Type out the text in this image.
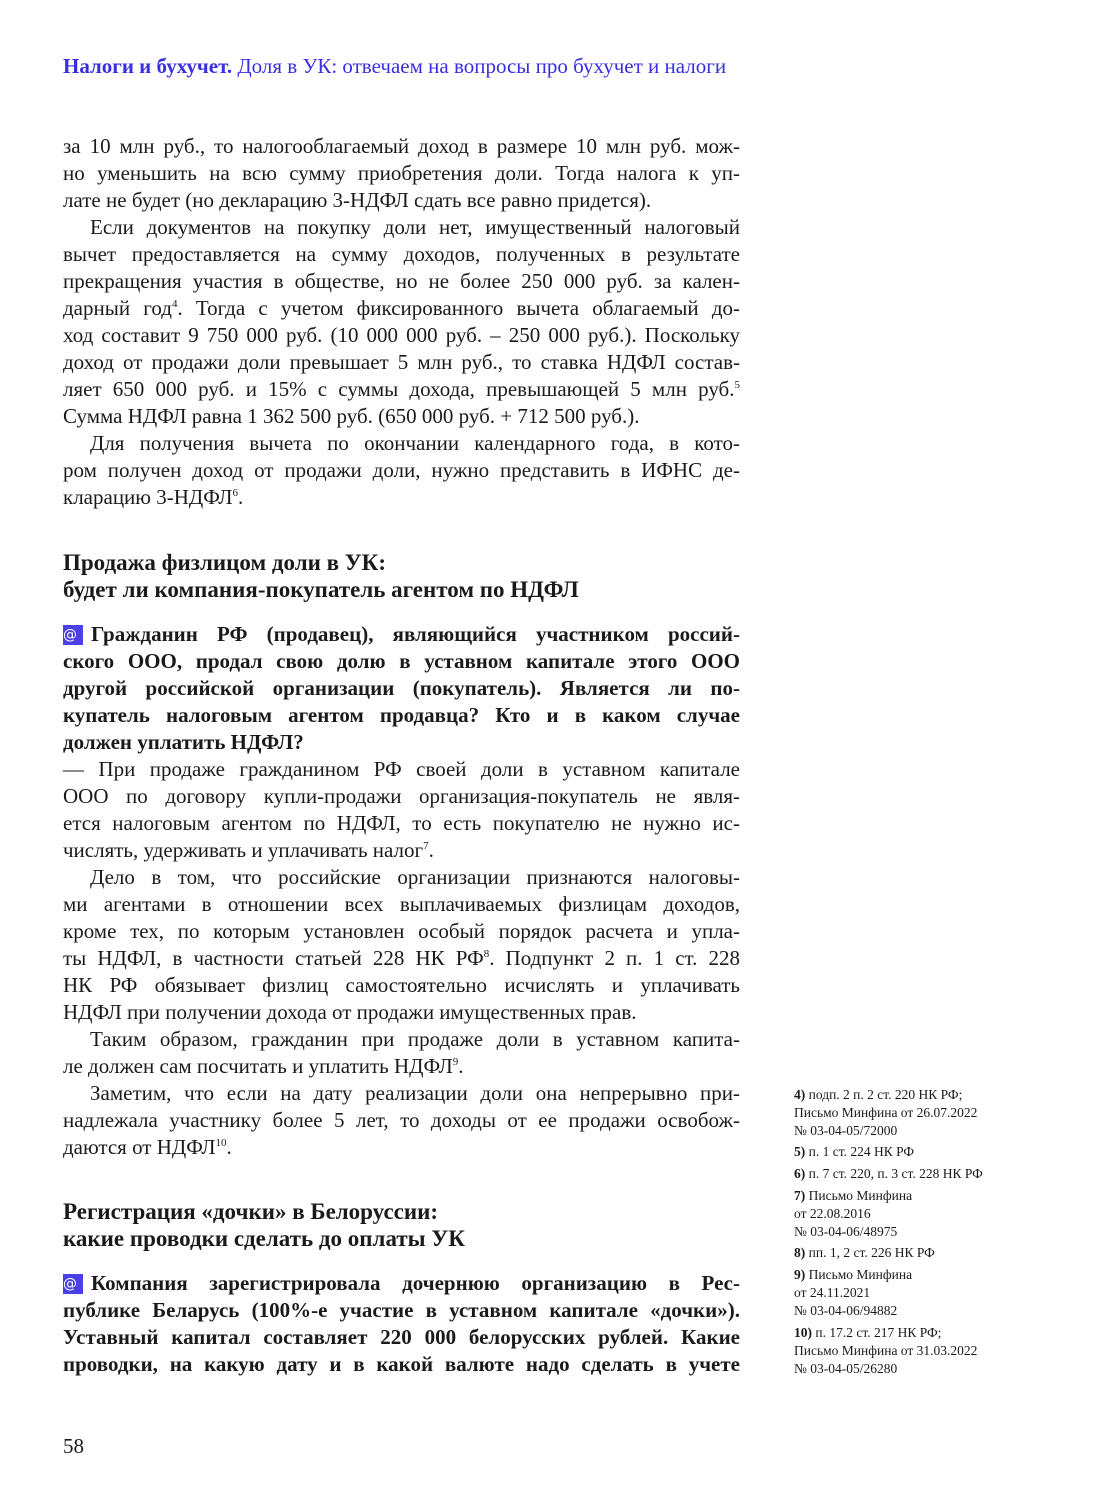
Налоги и бухучет. Доля в УК: отвечаем на вопросы про бухучет и налоги
за 10 млн руб., то налогооблагаемый доход в размере 10 млн руб. мож-
но уменьшить на всю сумму приобретения доли. Тогда налога к уп-
лате не будет (но декларацию 3-НДФЛ сдать все равно придется).
Если документов на покупку доли нет, имущественный налоговый
вычет предоставляется на сумму доходов, полученных в результате
прекращения участия в обществе, но не более 250 000 руб. за кален-
дарный год$^4$. Тогда с учетом фиксированного вычета облагаемый до-
ход составит 9 750 000 руб. (10 000 000 руб. – 250 000 руб.). Поскольку
доход от продажи доли превышает 5 млн руб., то ставка НДФЛ состав-
ляет 650 000 руб. и 15% с суммы дохода, превышающей 5 млн руб.$^5$
Сумма НДФЛ равна 1 362 500 руб. (650 000 руб. + 712 500 руб.).
Для получения вычета по окончании календарного года, в кото-
ром получен доход от продажи доли, нужно представить в ИФНС де-
кларацию 3-НДФЛ$^6$.
Продажа физлицом доли в УК:
будет ли компания-покупатель агентом по НДФЛ
@ Гражданин РФ (продавец), являющийся участником россий-
ского ООО, продал свою долю в уставном капитале этого ООО
другой российской организации (покупатель). Является ли по-
купатель налоговым агентом продавца? Кто и в каком случае
должен уплатить НДФЛ?
— При продаже гражданином РФ своей доли в уставном капитале
ООО по договору купли-продажи организация-покупатель не явля-
ется налоговым агентом по НДФЛ, то есть покупателю не нужно ис-
числять, удерживать и уплачивать налог$^7$.
Дело в том, что российские организации признаются налоговы-
ми агентами в отношении всех выплачиваемых физлицам доходов,
кроме тех, по которым установлен особый порядок расчета и упла-
ты НДФЛ, в частности статьей 228 НК $РФ^8$. Подпункт 2 п. 1 ст. 228
НК РФ обязывает физлиц самостоятельно исчислять и уплачивать
НДФЛ при получении дохода от продажи имущественных прав.
Таким образом, гражданин при продаже доли в уставном капита-
ле должен сам посчитать и уплатить НДФЛ$^9$.
Заметим, что если на дату реализации доли она непрерывно при-
надлежала участнику более 5 лет, то доходы от ее продажи освобож-
даются от НДФЛ$^{10}$.
Регистрация «дочки» в Белоруссии:
какие проводки сделать до оплаты УК
@ Компания зарегистрировала дочернюю организацию в Рес-
публике Беларусь (100%-е участие в уставном капитале «дочки»).
Уставный капитал составляет 220 000 белорусских рублей. Какие
проводки, на какую дату и в какой валюте надо сделать в учете
4) подп. 2 п. 2 ст. 220 НК РФ;
Письмо Минфина от 26.07.2022
№ 03-04-05/72000
5) п. 1 ст. 224 НК РФ
6) п. 7 ст. 220, п. 3 ст. 228 НК РФ
7) Письмо Минфина
от 22.08.2016
№ 03-04-06/48975
8) пп. 1, 2 ст. 226 НК РФ
9) Письмо Минфина
от 24.11.2021
№ 03-04-06/94882
10) п. 17.2 ст. 217 НК РФ;
Письмо Минфина от 31.03.2022
№ 03-04-05/26280
58
